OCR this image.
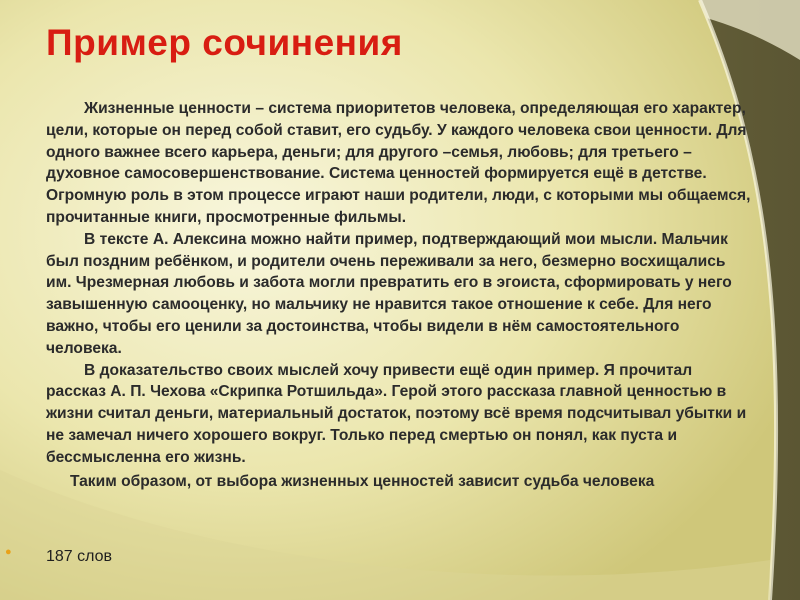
Пример сочинения

Жизненные ценности – система приоритетов человека, определяющая его характер, цели, которые он перед собой ставит, его судьбу. У каждого человека свои ценности. Для одного важнее всего карьера, деньги; для другого –семья, любовь; для третьего – духовное самосовершенствование. Система ценностей формируется ещё в детстве. Огромную роль в этом процессе играют наши родители, люди, с которыми мы общаемся, прочитанные книги, просмотренные фильмы.

В тексте А. Алексина можно найти пример, подтверждающий мои мысли. Мальчик был поздним ребёнком, и родители очень переживали за него, безмерно восхищались им. Чрезмерная любовь и забота могли превратить его в эгоиста, сформировать у него завышенную самооценку, но мальчику не нравится такое отношение к себе. Для него важно, чтобы его ценили за достоинства, чтобы видели в нём самостоятельного человека.

В доказательство своих мыслей хочу привести ещё один пример. Я прочитал рассказ А. П. Чехова «Скрипка Ротшильда». Герой этого рассказа главной ценностью в жизни считал деньги, материальный достаток, поэтому всё время подсчитывал убытки и не замечал ничего хорошего вокруг. Только перед смертью он понял, как пуста и бессмысленна его жизнь.

Таким образом, от выбора жизненных ценностей зависит судьба человека

● 187 слов
